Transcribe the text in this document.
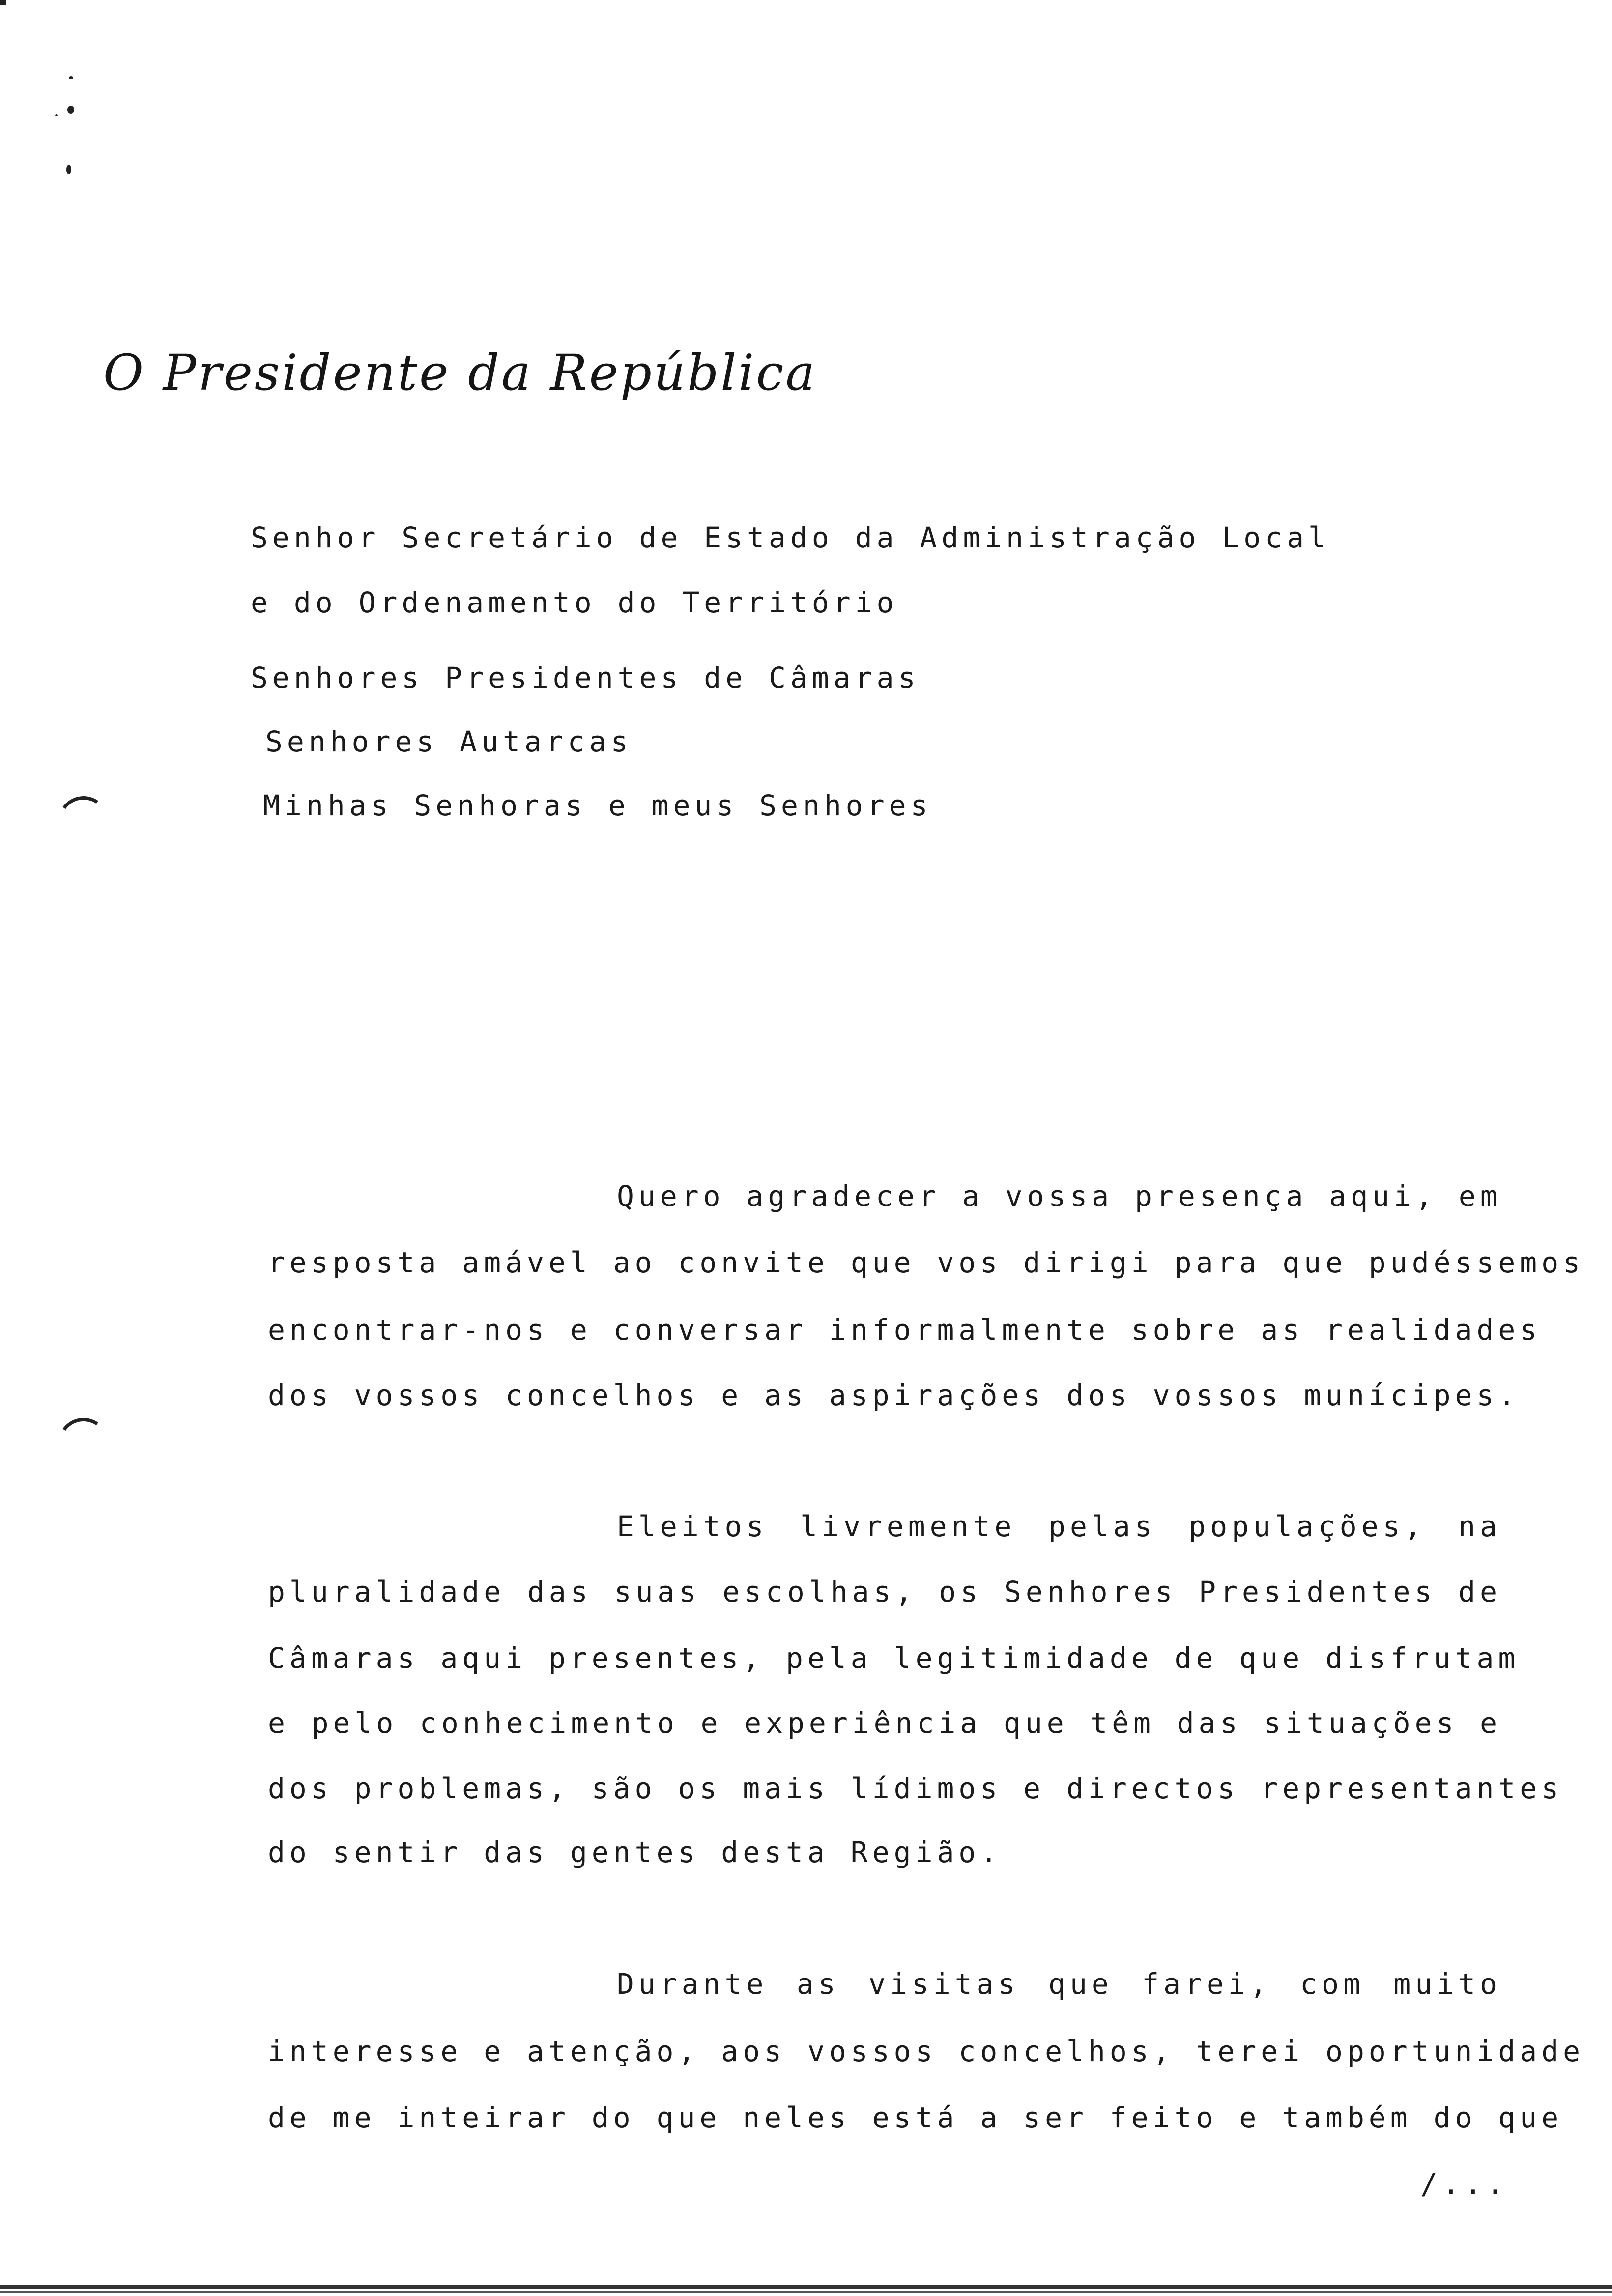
O Presidente da República
Senhor Secretário de Estado da Administração Local
e do Ordenamento do Território
Senhores Presidentes de Câmaras
Senhores Autarcas
Minhas Senhoras e meus Senhores
Quero agradecer a vossa presença aqui, em
resposta amável ao convite que vos dirigi para que pudéssemos
encontrar-nos e conversar informalmente sobre as realidades
dos vossos concelhos e as aspirações dos vossos munícipes.
Eleitos livremente pelas populações, na
pluralidade das suas escolhas, os Senhores Presidentes de
Câmaras aqui presentes, pela legitimidade de que disfrutam
e pelo conhecimento e experiência que têm das situações e
dos problemas, são os mais lídimos e directos representantes
do sentir das gentes desta Região.
Durante as visitas que farei, com muito
interesse e atenção, aos vossos concelhos, terei oportunidade
de me inteirar do que neles está a ser feito e também do que
/...
